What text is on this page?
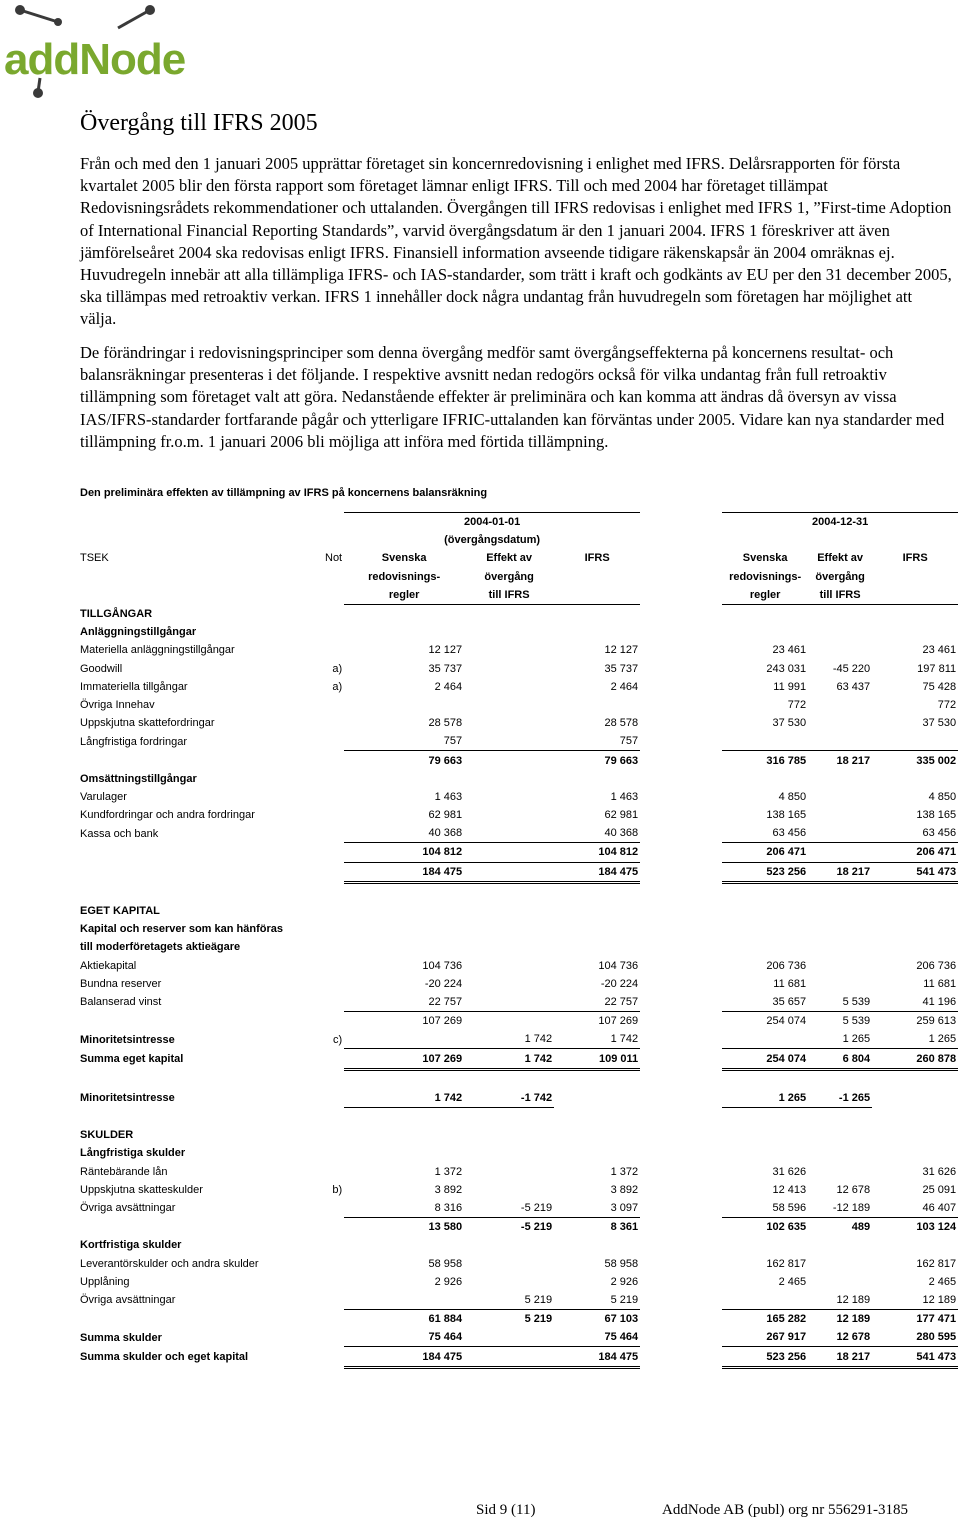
addNode
Övergång till IFRS 2005

Från och med den 1 januari 2005 upprättar företaget sin koncernredovisning i enlighet med IFRS. Delårsrapporten för första kvartalet 2005 blir den första rapport som företaget lämnar enligt IFRS. Till och med 2004 har företaget tillämpat Redovisningsrådets rekommendationer och uttalanden. Övergången till IFRS redovisas i enlighet med IFRS 1, ”First-time Adoption of International Financial Reporting Standards”, varvid övergångsdatum är den 1 januari 2004. IFRS 1 föreskriver att även jämförelseåret 2004 ska redovisas enligt IFRS. Finansiell information avseende tidigare räkenskapsår än 2004 omräknas ej. Huvudregeln innebär att alla tillämpliga IFRS- och IAS-standarder, som trätt i kraft och godkänts av EU per den 31 december 2005, ska tillämpas med retroaktiv verkan. IFRS 1 innehåller dock några undantag från huvudregeln som företagen har möjlighet att välja.

De förändringar i redovisningsprinciper som denna övergång medför samt övergångseffekterna på koncernens resultat- och balansräkningar presenteras i det följande. I respektive avsnitt nedan redogörs också för vilka undantag från full retroaktiv tillämpning som företaget valt att göra. Nedanstående effekter är preliminära och kan komma att ändras då översyn av vissa IAS/IFRS-standarder fortfarande pågår och ytterligare IFRIC-uttalanden kan förväntas under 2005. Vidare kan nya standarder med tillämpning fr.o.m. 1 januari 2006 bli möjliga att införa med förtida tillämpning.

Den preliminära effekten av tillämpning av IFRS på koncernens balansräkning
		2004-01-01				2004-12-31		
		(övergångsdatum)						
TSEK	Not	Svenska	Effekt av	IFRS		Svenska	Effekt av	IFRS
		redovisnings-	övergång			redovisnings-	övergång	
		regler	till IFRS			regler	till IFRS	
TILLGÅNGAR								
Anläggningstillgångar								
Materiella anläggningstillgångar		12 127		12 127		23 461		23 461
Goodwill	a)	35 737		35 737		243 031	-45 220	197 811
Immateriella tillgångar	a)	2 464		2 464		11 991	63 437	75 428
Övriga Innehav						772		772
Uppskjutna skattefordringar		28 578		28 578		37 530		37 530
Långfristiga fordringar		757		757				
		79 663		79 663		316 785	18 217	335 002
Omsättningstillgångar								
Varulager		1 463		1 463		4 850		4 850
Kundfordringar och andra fordringar		62 981		62 981		138 165		138 165
Kassa och bank		40 368		40 368		63 456		63 456
		104 812		104 812		206 471		206 471
		184 475		184 475		523 256	18 217	541 473

EGET KAPITAL								
Kapital och reserver som kan hänföras								
till moderföretagets aktieägare								
Aktiekapital		104 736		104 736		206 736		206 736
Bundna reserver		-20 224		-20 224		11 681		11 681
Balanserad vinst		22 757		22 757		35 657	5 539	41 196
		107 269		107 269		254 074	5 539	259 613
Minoritetsintresse	c)		1 742	1 742			1 265	1 265
Summa eget kapital		107 269	1 742	109 011		254 074	6 804	260 878

Minoritetsintresse		1 742	-1 742			1 265	-1 265	

SKULDER								
Långfristiga skulder								
Räntebärande lån		1 372		1 372		31 626		31 626
Uppskjutna skatteskulder	b)	3 892		3 892		12 413	12 678	25 091
Övriga avsättningar		8 316	-5 219	3 097		58 596	-12 189	46 407
		13 580	-5 219	8 361		102 635	489	103 124
Kortfristiga skulder								
Leverantörskulder och andra skulder		58 958		58 958		162 817		162 817
Upplåning		2 926		2 926		2 465		2 465
Övriga avsättningar			5 219	5 219			12 189	12 189
		61 884	5 219	67 103		165 282	12 189	177 471
Summa skulder		75 464		75 464		267 917	12 678	280 595
Summa skulder och eget kapital		184 475		184 475		523 256	18 217	541 473
Sid 9 (11)	AddNode AB (publ) org nr 556291-3185
